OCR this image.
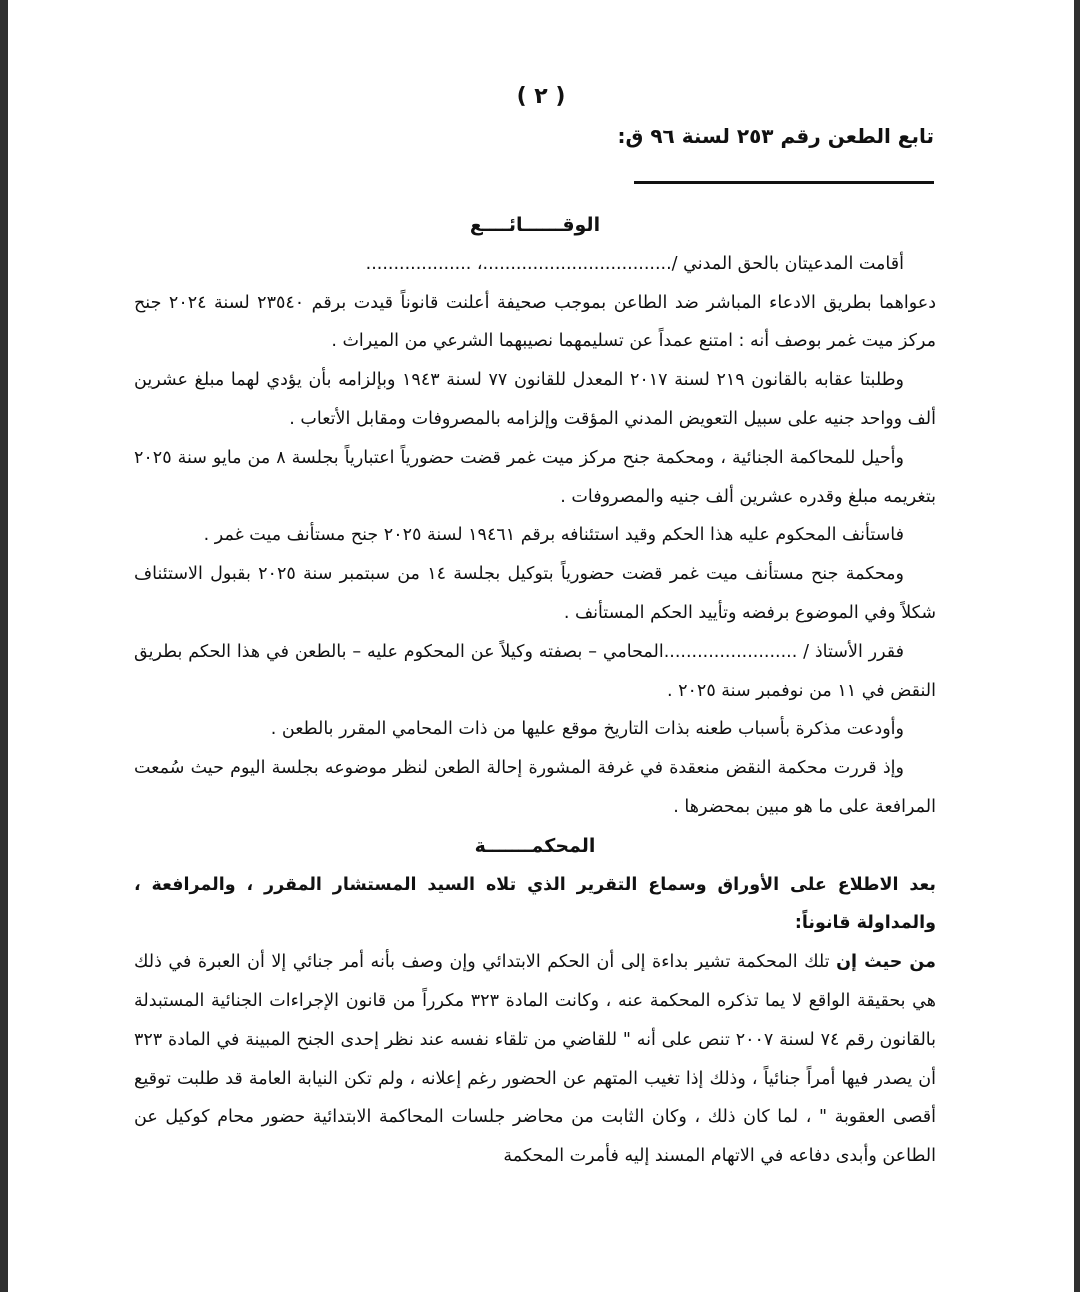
( ٢ )
تابع الطعن رقم ٢٥٣ لسنة ٩٦ ق:
الوقــــــائــــع

أقامت المدعيتان بالحق المدني /..................................، ...................

دعواهما بطريق الادعاء المباشر ضد الطاعن بموجب صحيفة أعلنت قانوناً قيدت برقم ٢٣٥٤٠ لسنة ٢٠٢٤ جنح مركز ميت غمر بوصف أنه : امتنع عمداً عن تسليمهما نصيبهما الشرعي من الميراث .

وطلبتا عقابه بالقانون ٢١٩ لسنة ٢٠١٧ المعدل للقانون ٧٧ لسنة ١٩٤٣ وبإلزامه بأن يؤدي لهما مبلغ عشرين ألف وواحد جنيه على سبيل التعويض المدني المؤقت وإلزامه بالمصروفات ومقابل الأتعاب .

وأحيل للمحاكمة الجنائية ، ومحكمة جنح مركز ميت غمر قضت حضورياً اعتبارياً بجلسة ٨ من مايو سنة ٢٠٢٥ بتغريمه مبلغ وقدره عشرين ألف جنيه والمصروفات .

فاستأنف المحكوم عليه هذا الحكم وقيد استئنافه برقم ١٩٤٦١ لسنة ٢٠٢٥ جنح مستأنف ميت غمر .

ومحكمة جنح مستأنف ميت غمر قضت حضورياً بتوكيل بجلسة ١٤ من سبتمبر سنة ٢٠٢٥ بقبول الاستئناف شكلاً وفي الموضوع برفضه وتأييد الحكم المستأنف .

فقرر الأستاذ / ........................المحامي – بصفته وكيلاً عن المحكوم عليه – بالطعن في هذا الحكم بطريق النقض في ١١ من نوفمبر سنة ٢٠٢٥ .

وأودعت مذكرة بأسباب طعنه بذات التاريخ موقع عليها من ذات المحامي المقرر بالطعن .

وإذ قررت محكمة النقض منعقدة في غرفة المشورة إحالة الطعن لنظر موضوعه بجلسة اليوم حيث سُمعت المرافعة على ما هو مبين بمحضرها .

المحكمـــــــة

بعد الاطلاع على الأوراق وسماع التقرير الذي تلاه السيد المستشار المقرر ، والمرافعة ، والمداولة قانوناً:

من حيث إن تلك المحكمة تشير بداءة إلى أن الحكم الابتدائي وإن وصف بأنه أمر جنائي إلا أن العبرة في ذلك هي بحقيقة الواقع لا يما تذكره المحكمة عنه ، وكانت المادة ٣٢٣ مكرراً من قانون الإجراءات الجنائية المستبدلة بالقانون رقم ٧٤ لسنة ٢٠٠٧ تنص على أنه " للقاضي من تلقاء نفسه عند نظر إحدى الجنح المبينة في المادة ٣٢٣ أن يصدر فيها أمراً جنائياً ، وذلك إذا تغيب المتهم عن الحضور رغم إعلانه ، ولم تكن النيابة العامة قد طلبت توقيع أقصى العقوبة " ، لما كان ذلك ، وكان الثابت من محاضر جلسات المحاكمة الابتدائية حضور محام كوكيل عن الطاعن وأبدى دفاعه في الاتهام المسند إليه فأمرت المحكمة
